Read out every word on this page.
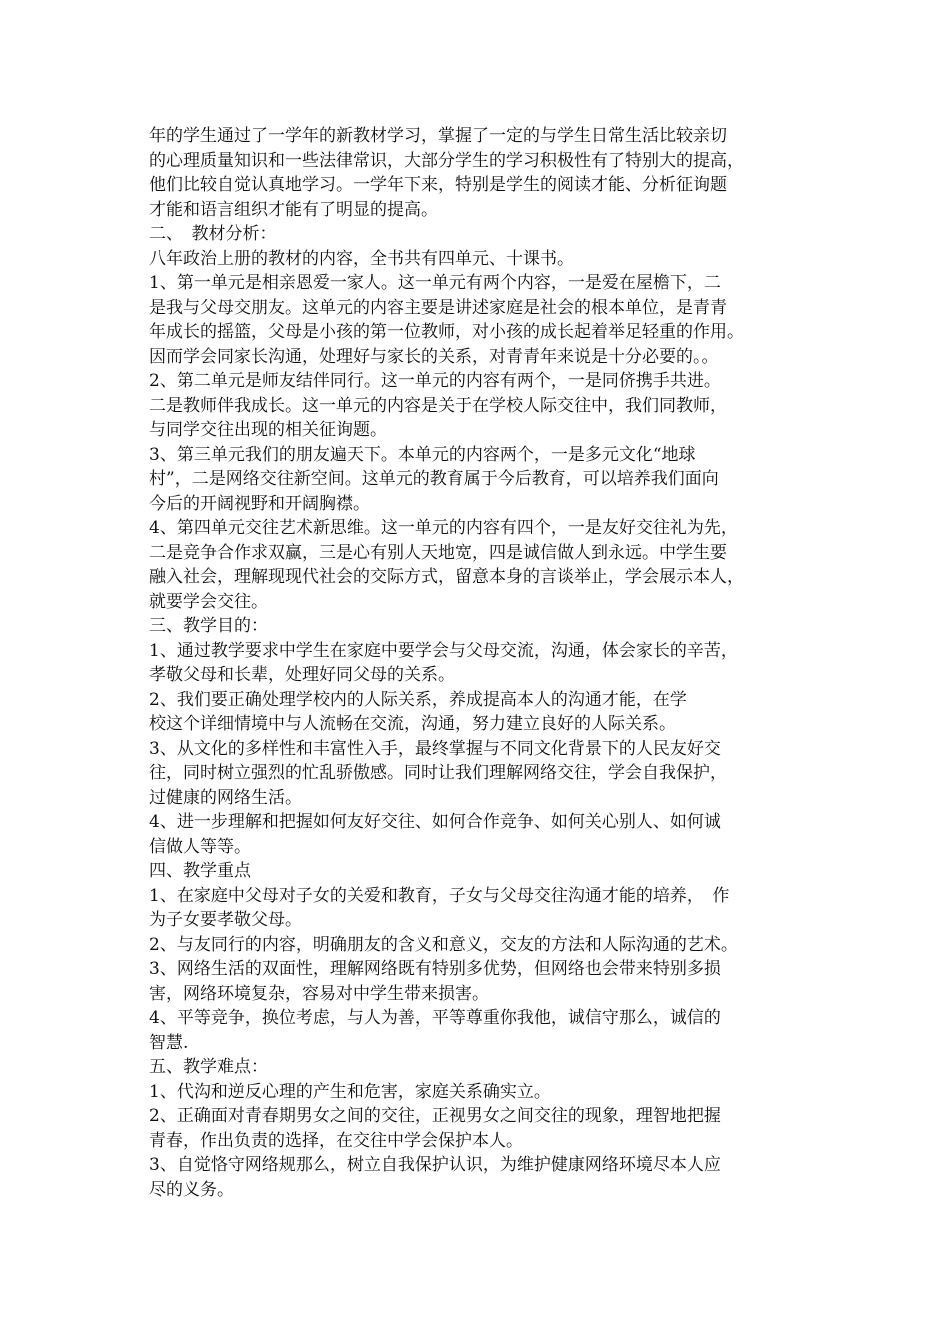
年的学生通过了一学年的新教材学习，掌握了一定的与学生日常生活比较亲切
的心理质量知识和一些法律常识，大部分学生的学习积极性有了特别大的提高，
他们比较自觉认真地学习。一学年下来，特别是学生的阅读才能、分析征询题
才能和语言组织才能有了明显的提高。
二、　教材分析：
八年政治上册的教材的内容，全书共有四单元、十课书。
1、第一单元是相亲恩爱一家人。这一单元有两个内容，一是爱在屋檐下，二
是我与父母交朋友。这单元的内容主要是讲述家庭是社会的根本单位，是青青
年成长的摇篮，父母是小孩的第一位教师，对小孩的成长起着举足轻重的作用。
因而学会同家长沟通，处理好与家长的关系，对青青年来说是十分必要的。。
2、第二单元是师友结伴同行。这一单元的内容有两个，一是同侪携手共进。
二是教师伴我成长。这一单元的内容是关于在学校人际交往中，我们同教师，
与同学交往出现的相关征询题。
3、第三单元我们的朋友遍天下。本单元的内容两个，一是多元文化“地球
村”，二是网络交往新空间。这单元的教育属于今后教育，可以培养我们面向
今后的开阔视野和开阔胸襟。
4、第四单元交往艺术新思维。这一单元的内容有四个，一是友好交往礼为先，
二是竞争合作求双赢，三是心有别人天地宽，四是诚信做人到永远。中学生要
融入社会，理解现现代社会的交际方式，留意本身的言谈举止，学会展示本人，
就要学会交往。
三、教学目的：
1、通过教学要求中学生在家庭中要学会与父母交流，沟通，体会家长的辛苦，
孝敬父母和长辈，处理好同父母的关系。
2、我们要正确处理学校内的人际关系，养成提高本人的沟通才能，在学
校这个详细情境中与人流畅在交流，沟通，努力建立良好的人际关系。
3、从文化的多样性和丰富性入手，最终掌握与不同文化背景下的人民友好交
往，同时树立强烈的忙乱骄傲感。同时让我们理解网络交往，学会自我保护，
过健康的网络生活。
4、进一步理解和把握如何友好交往、如何合作竞争、如何关心别人、如何诚
信做人等等。
四、教学重点
1、在家庭中父母对子女的关爱和教育，子女与父母交往沟通才能的培养，　作
为子女要孝敬父母。
2、与友同行的内容，明确朋友的含义和意义，交友的方法和人际沟通的艺术。
3、网络生活的双面性，理解网络既有特别多优势，但网络也会带来特别多损
害，网络环境复杂，容易对中学生带来损害。
4、平等竞争，换位考虑，与人为善，平等尊重你我他，诚信守那么，诚信的
智慧.
五、教学难点：
1、代沟和逆反心理的产生和危害，家庭关系确实立。
2、正确面对青春期男女之间的交往，正视男女之间交往的现象，理智地把握
青春，作出负责的选择，在交往中学会保护本人。
3、自觉恪守网络规那么，树立自我保护认识，为维护健康网络环境尽本人应
尽的义务。
